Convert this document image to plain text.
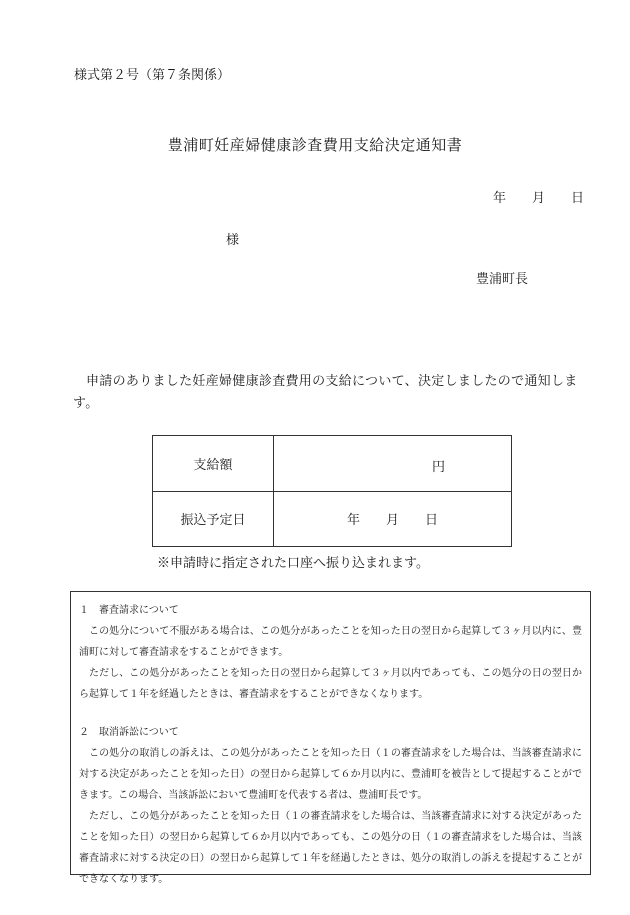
様式第２号（第７条関係）
豊浦町妊産婦健康診査費用支給決定通知書
年 月 日
様
豊浦町長
申請のありました妊産婦健康診査費用の支給について、決定しましたので通知します。
支給額	円

振込予定日	年 月 日
※申請時に指定された口座へ振り込まれます。

１　審査請求について

この処分について不服がある場合は、この処分があったことを知った日の翌日から起算して３ヶ月以内に、豊浦町に対して審査請求をすることができます。

ただし、この処分があったことを知った日の翌日から起算して３ヶ月以内であっても、この処分の日の翌日から起算して１年を経過したときは、審査請求をすることができなくなります。

２　取消訴訟について

この処分の取消しの訴えは、この処分があったことを知った日（１の審査請求をした場合は、当該審査請求に対する決定があったことを知った日）の翌日から起算して６か月以内に、豊浦町を被告として提起することができます。この場合、当該訴訟において豊浦町を代表する者は、豊浦町長です。

ただし、この処分があったことを知った日（１の審査請求をした場合は、当該審査請求に対する決定があったことを知った日）の翌日から起算して６か月以内であっても、この処分の日（１の審査請求をした場合は、当該審査請求に対する決定の日）の翌日から起算して１年を経過したときは、処分の取消しの訴えを提起することができなくなります。
